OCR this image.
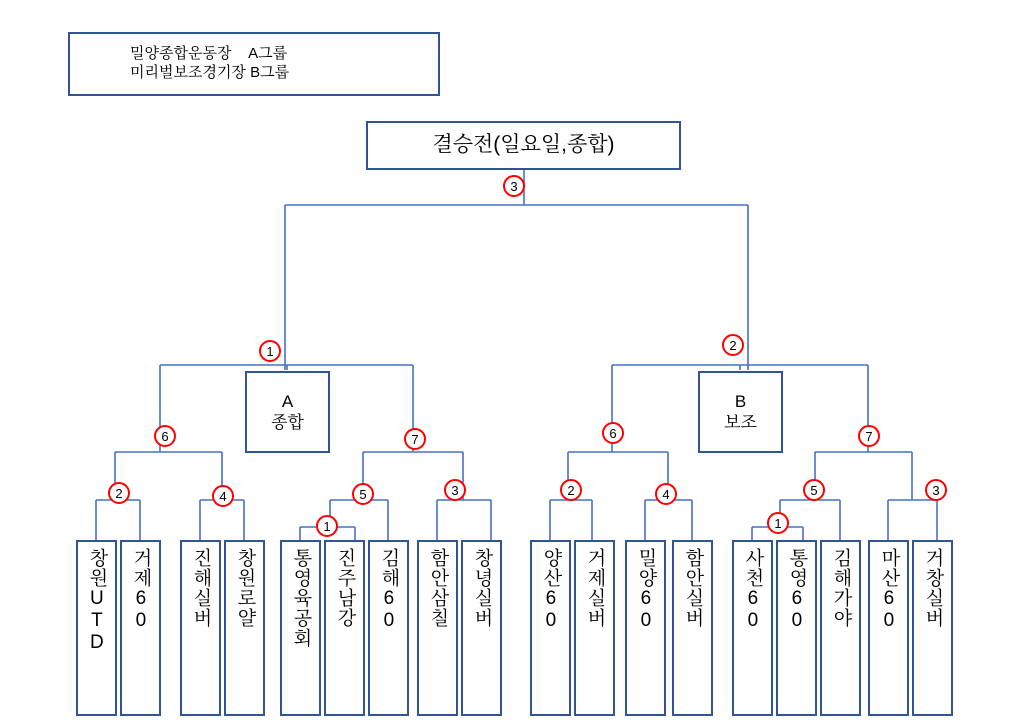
밀양종합운동장    A그룹
미리벌보조경기장 B그룹
결승전(일요일,종합)
3
A
종합
1
B
보조
2
6	7	6	7
2	4	5	3
1
2	4	5	3
1
창원UTD 거제60 진해실버 창원로얄 통영육공회 진주남강 김해60 함안삼칠 창녕실버	양산60 거제실버 밀양60 함안실버 사천60 통영60 김해가야 마산60 거창실버
